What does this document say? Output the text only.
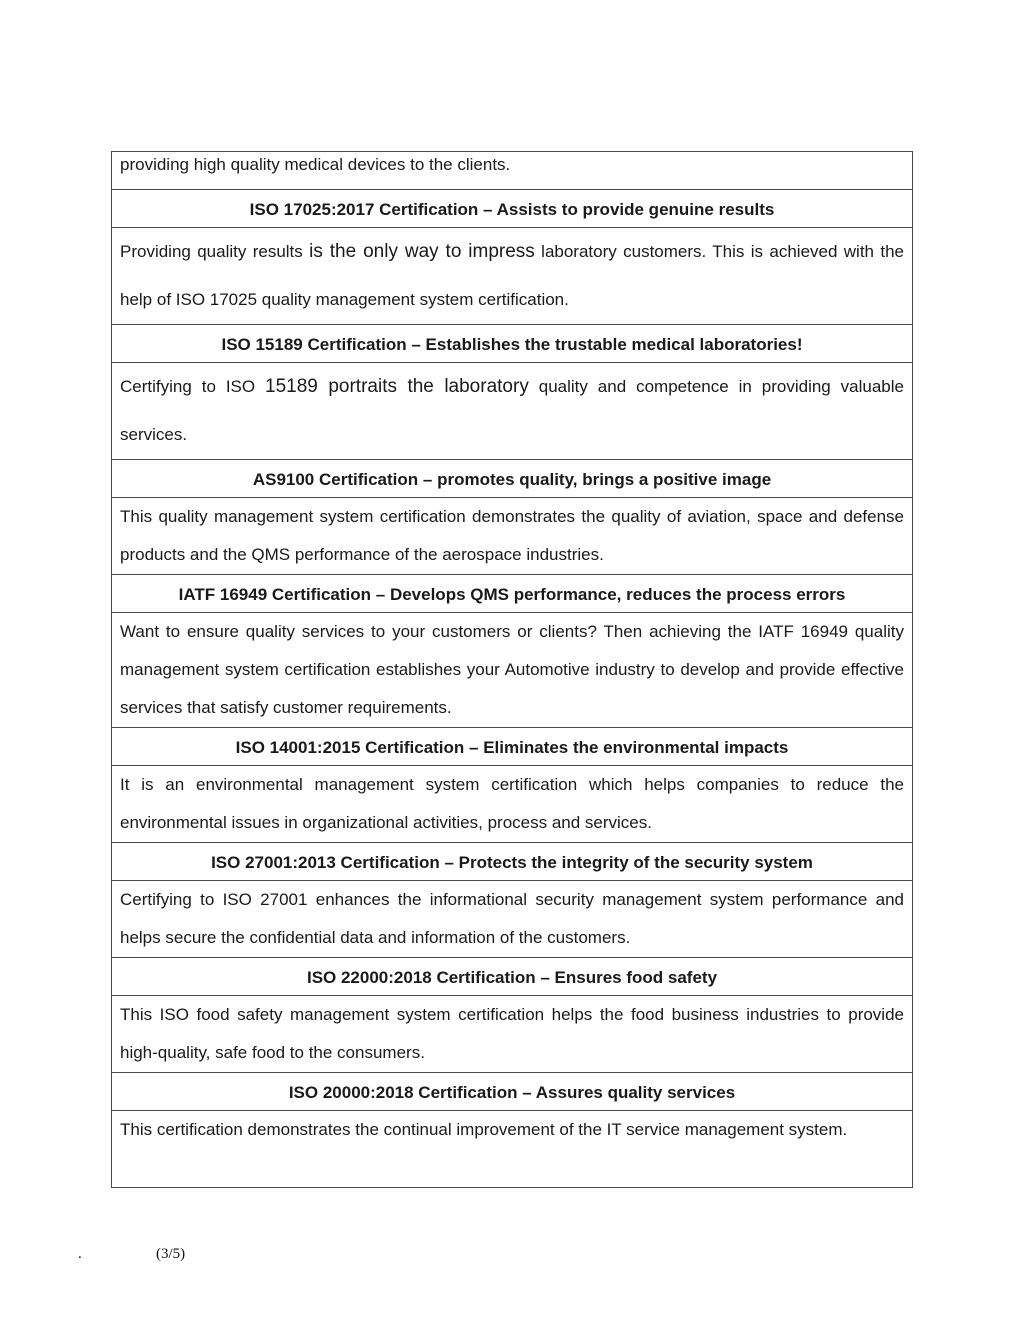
providing high quality medical devices to the clients.
ISO 17025:2017 Certification – Assists to provide genuine results
Providing quality results is the only way to impress laboratory customers. This is achieved with the help of ISO 17025 quality management system certification.
ISO 15189 Certification – Establishes the trustable medical laboratories!
Certifying to ISO 15189 portraits the laboratory quality and competence in providing valuable services.
AS9100 Certification – promotes quality, brings a positive image
This quality management system certification demonstrates the quality of aviation, space and defense products and the QMS performance of the aerospace industries.
IATF 16949 Certification – Develops QMS performance, reduces the process errors
Want to ensure quality services to your customers or clients? Then achieving the IATF 16949 quality management system certification establishes your Automotive industry to develop and provide effective services that satisfy customer requirements.
ISO 14001:2015 Certification – Eliminates the environmental impacts
It is an environmental management system certification which helps companies to reduce the environmental issues in organizational activities, process and services.
ISO 27001:2013 Certification – Protects the integrity of the security system
Certifying to ISO 27001 enhances the informational security management system performance and helps secure the confidential data and information of the customers.
ISO 22000:2018 Certification – Ensures food safety
This ISO food safety management system certification helps the food business industries to provide high-quality, safe food to the consumers.
ISO 20000:2018 Certification – Assures quality services
This certification demonstrates the continual improvement of the IT service management system.
.	(3/5)
